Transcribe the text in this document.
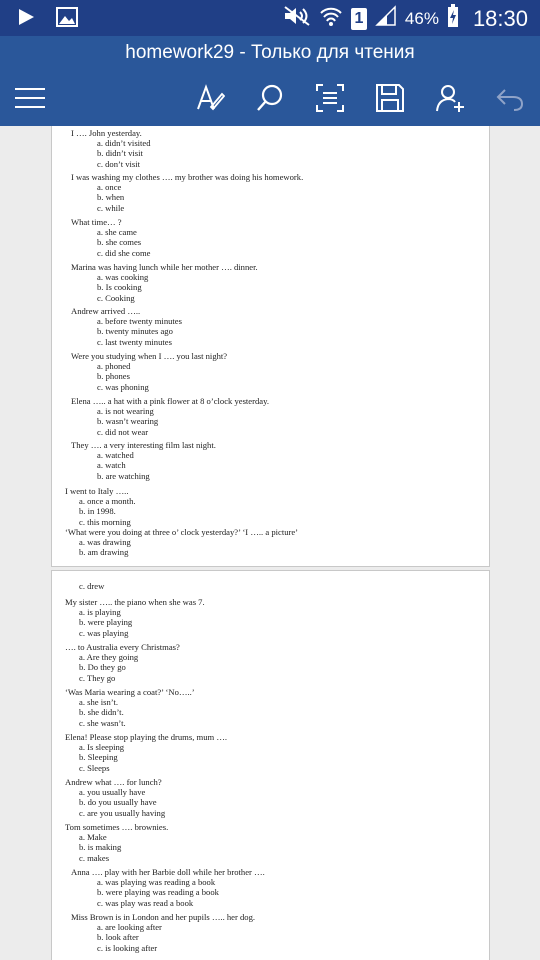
1 46% 18:30
homework29 - Только для чтения
I …. John yesterday.
a. didn’t visited
b. didn’t visit
c. don’t visit
I was washing my clothes …. my brother was doing his homework.
a. once
b. when
c. while
What time… ?
a. she came
b. she comes
c. did she come
Marina was having lunch while her mother …. dinner.
a. was cooking
b. Is cooking
c. Cooking
Andrew arrived …..
a. before twenty minutes
b. twenty minutes ago
c. last twenty minutes
Were you studying when I …. you last night?
a. phoned
b. phones
c. was phoning
Elena ….. a hat with a pink flower at 8 o’clock yesterday.
a. is not wearing
b. wasn’t wearing
c. did not wear
They …. a very interesting film last night.
a. watched
a. watch
b. are watching
I went to Italy …..
a. once a month.
b. in 1998.
c. this morning
‘What were you doing at three o’ clock yesterday?’ ‘I ….. a picture’
a. was drawing
b. am drawing
c. drew
My sister ….. the piano when she was 7.
a. is playing
b. were playing
c. was playing
…. to Australia every Christmas?
a. Are they going
b. Do they go
c. They go
‘Was Maria wearing a coat?’ ‘No…..’
a. she isn’t.
b. she didn’t.
c. she wasn’t.
Elena! Please stop playing the drums, mum ….
a. Is sleeping
b. Sleeping
c. Sleeps
Andrew what …. for lunch?
a. you usually have
b. do you usually have
c. are you usually having
Tom sometimes …. brownies.
a. Make
b. is making
c. makes
Anna …. play with her Barbie doll while her brother ….
a. was playing was reading a book
b. were playing was reading a book
c. was play was read a book
Miss Brown is in London and her pupils ….. her dog.
a. are looking after
b. look after
c. is looking after
